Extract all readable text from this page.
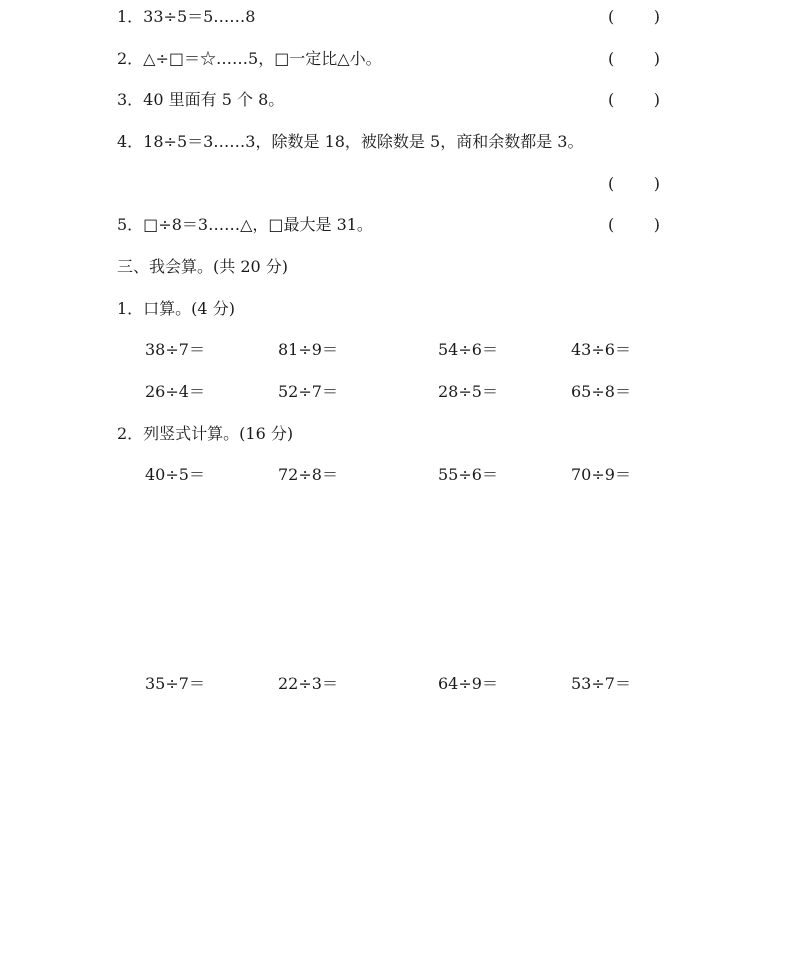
1．33÷5＝5……8	( )
2．△÷□＝☆……5，□一定比△小。	( )
3．40 里面有 5 个 8。	( )
4．18÷5＝3……3，除数是 18，被除数是 5，商和余数都是 3。
( )
5．□÷8＝3……△，□最大是 31。	( )
三、我会算。(共 20 分)
1．口算。(4 分)
38÷7＝	81÷9＝	54÷6＝	43÷6＝
26÷4＝	52÷7＝	28÷5＝	65÷8＝
2．列竖式计算。(16 分)
40÷5＝	72÷8＝	55÷6＝	70÷9＝
35÷7＝	22÷3＝	64÷9＝	53÷7＝
